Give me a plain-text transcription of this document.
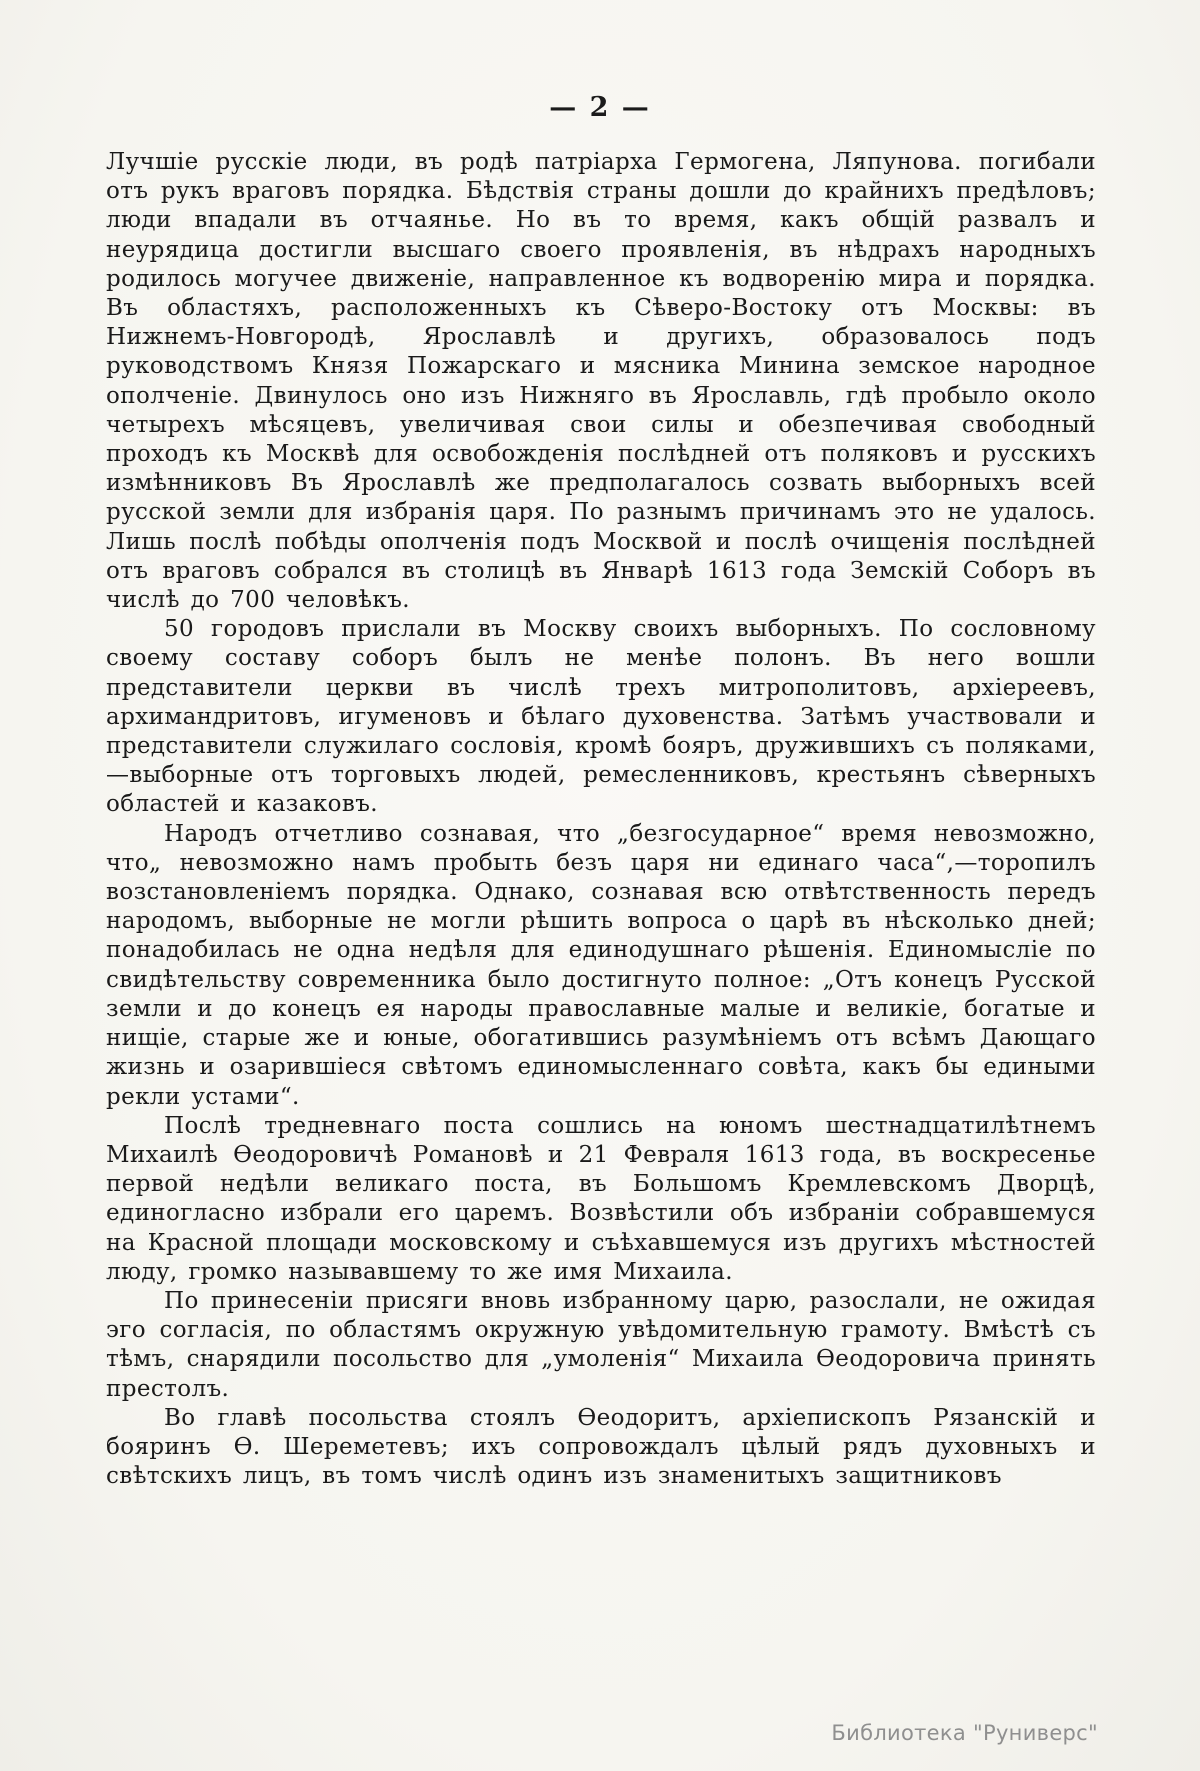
— 2 —

Лучшіе русскіе люди, въ родѣ патріарха Гермогена, Ляпунова. погибали отъ рукъ враговъ порядка. Бѣдствія страны дошли до крайнихъ предѣловъ; люди впадали въ отчаянье. Но въ то время, какъ общій развалъ и неурядица достигли высшаго своего проявленія, въ нѣдрахъ народныхъ родилось могучее движеніе, направленное къ водворенію мира и порядка. Въ областяхъ, расположенныхъ къ Сѣверо-Востоку отъ Москвы: въ Нижнемъ-Новгородѣ, Ярославлѣ и другихъ, образовалось подъ руководствомъ Князя Пожарскаго и мясника Минина земское народное ополченіе. Двинулось оно изъ Нижняго въ Ярославль, гдѣ пробыло около четырехъ мѣсяцевъ, увеличивая свои силы и обезпечивая свободный проходъ къ Москвѣ для освобожденія послѣдней отъ поляковъ и русскихъ измѣнниковъ Въ Ярославлѣ же предполагалось созвать выборныхъ всей русской земли для избранія царя. По разнымъ причинамъ это не удалось. Лишь послѣ побѣды ополченія подъ Москвой и послѣ очищенія послѣдней отъ враговъ собрался въ столицѣ въ Январѣ 1613 года Земскій Соборъ въ числѣ до 700 человѣкъ.

50 городовъ прислали въ Москву своихъ выборныхъ. По сословному своему составу соборъ былъ не менѣе полонъ. Въ него вошли представители церкви въ числѣ трехъ митрополитовъ, архіереевъ, архимандритовъ, игуменовъ и бѣлаго духовенства. Затѣмъ участвовали и представители служилаго сословія, кромѣ бояръ, дружившихъ съ поляками,—выборные отъ торговыхъ людей, ремесленниковъ, крестьянъ сѣверныхъ областей и казаковъ.

Народъ отчетливо сознавая, что „безгосударное“ время невозможно, что„ невозможно намъ пробыть безъ царя ни единаго часа“,—торопилъ возстановленіемъ порядка. Однако, сознавая всю отвѣтственность передъ народомъ, выборные не могли рѣшить вопроса о царѣ въ нѣсколько дней; понадобилась не одна недѣля для единодушнаго рѣшенія. Единомысліе по свидѣтельству современника было достигнуто полное: „Отъ конецъ Русской земли и до конецъ ея народы православные малые и великіе, богатые и нищіе, старые же и юные, обогатившись разумѣніемъ отъ всѣмъ Дающаго жизнь и озарившіеся свѣтомъ единомысленнаго совѣта, какъ бы едиными рекли устами“.

Послѣ тредневнаго поста сошлись на юномъ шестнадцатилѣтнемъ Михаилѣ Ѳеодоровичѣ Романовѣ и 21 Февраля 1613 года, въ воскресенье первой недѣли великаго поста, въ Большомъ Кремлевскомъ Дворцѣ, единогласно избрали его царемъ. Возвѣстили объ избраніи собравшемуся на Красной площади московскому и съѣхавшемуся изъ другихъ мѣстностей люду, громко называвшему то же имя Михаила.

По принесеніи присяги вновь избранному царю, разослали, не ожидая эго согласія, по областямъ окружную увѣдомительную грамоту. Вмѣстѣ съ тѣмъ, снарядили посольство для „умоленія“ Михаила Ѳеодоровича принять престолъ.

Во главѣ посольства стоялъ Ѳеодоритъ, архіепископъ Рязанскій и бояринъ Ѳ. Шереметевъ; ихъ сопровождалъ цѣлый рядъ духовныхъ и свѣтскихъ лицъ, въ томъ числѣ одинъ изъ знаменитыхъ защитниковъ

Библиотека "Руниверс"
